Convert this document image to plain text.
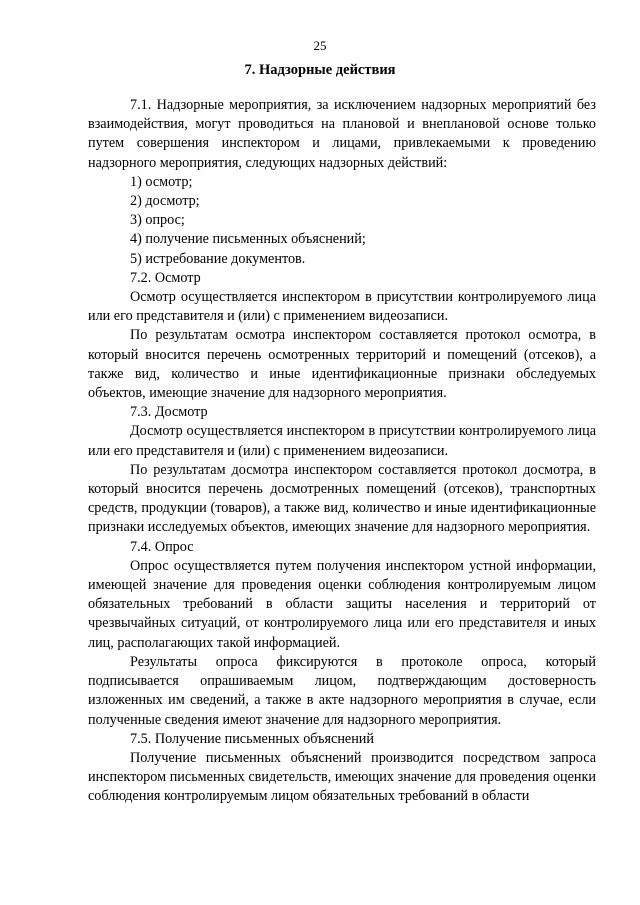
25
7. Надзорные действия

7.1. Надзорные мероприятия, за исключением надзорных мероприятий без взаимодействия, могут проводиться на плановой и внеплановой основе только путем совершения инспектором и лицами, привлекаемыми к проведению надзорного мероприятия, следующих надзорных действий:

1) осмотр;

2) досмотр;

3) опрос;

4) получение письменных объяснений;

5) истребование документов.

7.2. Осмотр

Осмотр осуществляется инспектором в присутствии контролируемого лица или его представителя и (или) с применением видеозаписи.

По результатам осмотра инспектором составляется протокол осмотра, в который вносится перечень осмотренных территорий и помещений (отсеков), а также вид, количество и иные идентификационные признаки обследуемых объектов, имеющие значение для надзорного мероприятия.

7.3. Досмотр

Досмотр осуществляется инспектором в присутствии контролируемого лица или его представителя и (или) с применением видеозаписи.

По результатам досмотра инспектором составляется протокол досмотра, в который вносится перечень досмотренных помещений (отсеков), транспортных средств, продукции (товаров), а также вид, количество и иные идентификационные признаки исследуемых объектов, имеющих значение для надзорного мероприятия.

7.4. Опрос

Опрос осуществляется путем получения инспектором устной информации, имеющей значение для проведения оценки соблюдения контролируемым лицом обязательных требований в области защиты населения и территорий от чрезвычайных ситуаций, от контролируемого лица или его представителя и иных лиц, располагающих такой информацией.

Результаты опроса фиксируются в протоколе опроса, который подписывается опрашиваемым лицом, подтверждающим достоверность изложенных им сведений, а также в акте надзорного мероприятия в случае, если полученные сведения имеют значение для надзорного мероприятия.

7.5. Получение письменных объяснений

Получение письменных объяснений производится посредством запроса инспектором письменных свидетельств, имеющих значение для проведения оценки соблюдения контролируемым лицом обязательных требований в области
